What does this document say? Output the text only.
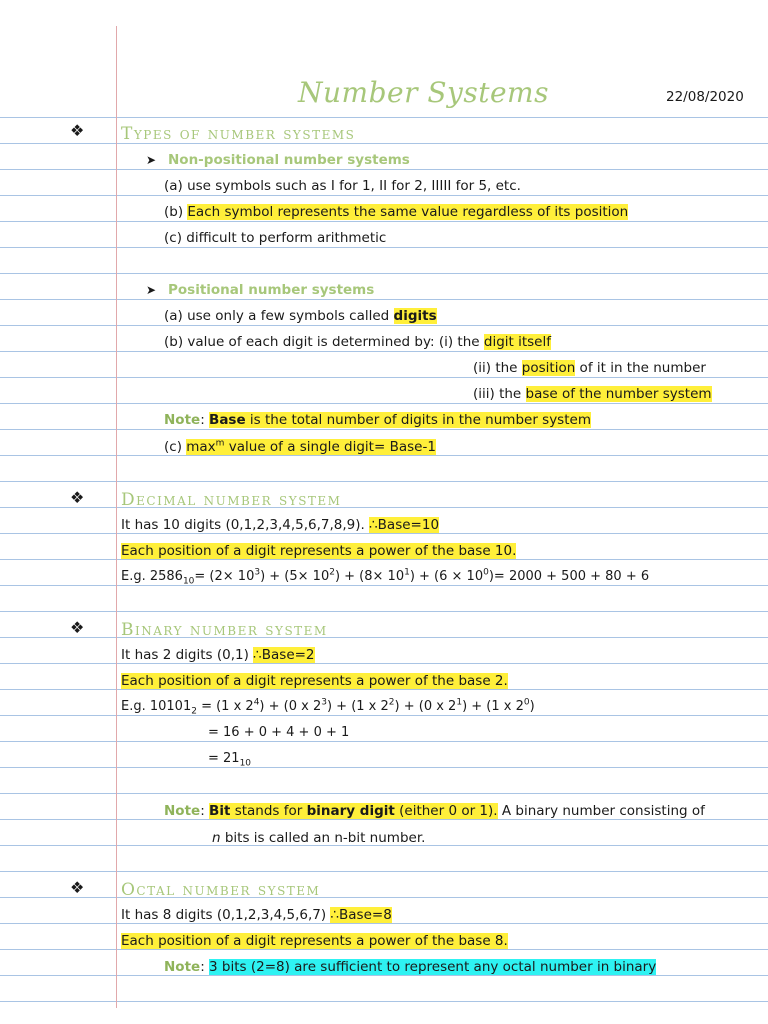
Number Systems	22/08/2020
❖ Types of number systems
➤ Non-positional number systems
(a) use symbols such as I for 1, II for 2, IIIII for 5, etc.
(b) Each symbol represents the same value regardless of its position
(c) difficult to perform arithmetic
➤ Positional number systems
(a) use only a few symbols called digits
(b) value of each digit is determined by: (i) the digit itself
(ii) the position of it in the number
(iii) the base of the number system
Note: Base is the total number of digits in the number system
(c) $\max^m$ value of a single digit= Base-1
❖ Decimal number system
It has 10 digits (0,1,2,3,4,5,6,7,8,9). ∴Base=10
Each position of a digit represents a power of the base 10.
E.g. $2586_{10}= (2\times 10^3) + (5\times 10^2) + (8\times 10^1) + (6 \times 10^0)= 2000 + 500 + 80 + 6$
❖ Binary number system
It has 2 digits (0,1) ∴Base=2
Each position of a digit represents a power of the base 2.
E.g. $10101_2 = (1$ x $2^4) + (0$ x $2^3) + (1$ x $2^2) + (0$ x $2^1) + (1$ x $2^0$)
= 16 + 0 + 4 + 0 + 1
= $21_{10}$
Note: Bit stands for binary digit (either 0 or 1). A binary number consisting of
n bits is called an n-bit number.
❖ Octal number system
It has 8 digits (0,1,2,3,4,5,6,7) ∴Base=8
Each position of a digit represents a power of the base 8.
Note: 3 bits (2=8) are sufficient to represent any octal number in binary
